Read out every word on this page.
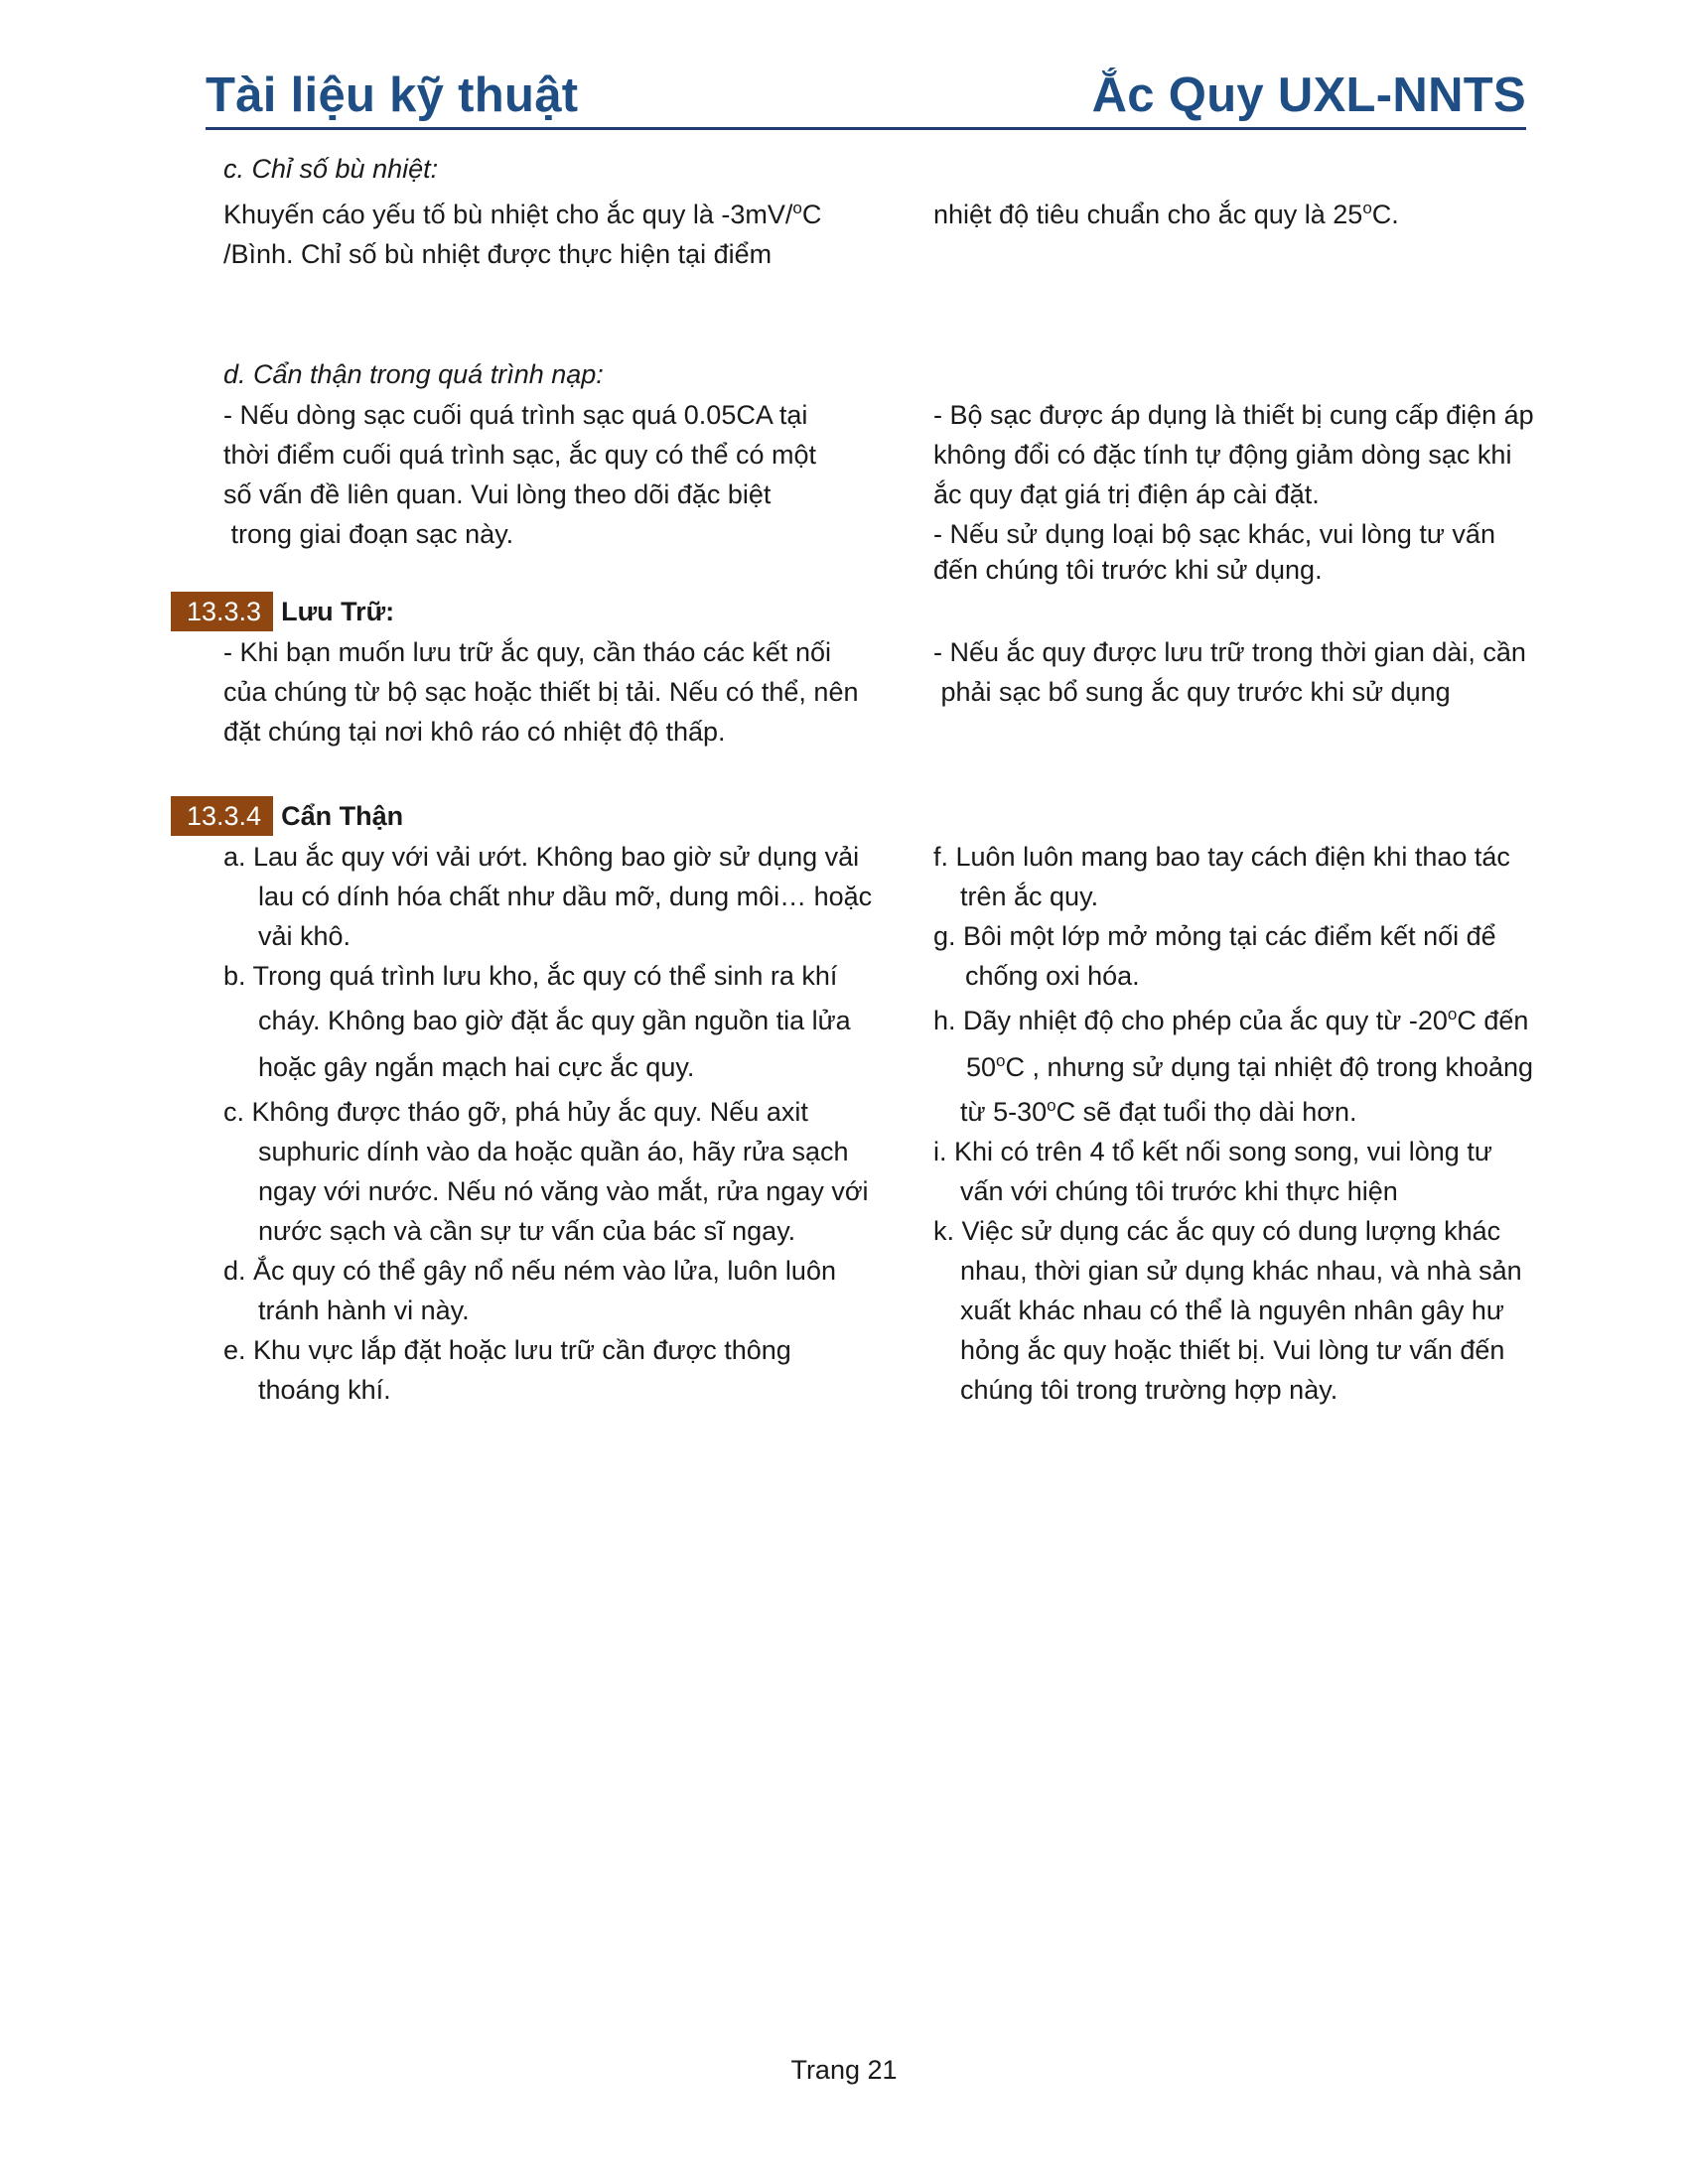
Tài liệu kỹ thuật	Ắc Quy UXL-NNTS
c. Chỉ số bù nhiệt:
Khuyến cáo yếu tố bù nhiệt cho ắc quy là -3mV/$^o$C
/Bình. Chỉ số bù nhiệt được thực hiện tại điểm
nhiệt độ tiêu chuẩn cho ắc quy là 25$^o$C.
d. Cẩn thận trong quá trình nạp:
- Nếu dòng sạc cuối quá trình sạc quá 0.05CA tại
thời điểm cuối quá trình sạc, ắc quy có thể có một
số vấn đề liên quan. Vui lòng theo dõi đặc biệt
trong giai đoạn sạc này.
- Bộ sạc được áp dụng là thiết bị cung cấp điện áp
không đổi có đặc tính tự động giảm dòng sạc khi
ắc quy đạt giá trị điện áp cài đặt.
- Nếu sử dụng loại bộ sạc khác, vui lòng tư vấn
đến chúng tôi trước khi sử dụng.
13.3.3 Lưu Trữ:
- Khi bạn muốn lưu trữ ắc quy, cần tháo các kết nối
của chúng từ bộ sạc hoặc thiết bị tải. Nếu có thể, nên
đặt chúng tại nơi khô ráo có nhiệt độ thấp.
- Nếu ắc quy được lưu trữ trong thời gian dài, cần
phải sạc bổ sung ắc quy trước khi sử dụng
13.3.4 Cẩn Thận
a. Lau ắc quy với vải ướt. Không bao giờ sử dụng vải
lau có dính hóa chất như dầu mỡ, dung môi… hoặc
vải khô.
b. Trong quá trình lưu kho, ắc quy có thể sinh ra khí
cháy. Không bao giờ đặt ắc quy gần nguồn tia lửa
hoặc gây ngắn mạch hai cực ắc quy.
c. Không được tháo gỡ, phá hủy ắc quy. Nếu axit
suphuric dính vào da hoặc quần áo, hãy rửa sạch
ngay với nước. Nếu nó văng vào mắt, rửa ngay với
nước sạch và cần sự tư vấn của bác sĩ ngay.
d. Ắc quy có thể gây nổ nếu ném vào lửa, luôn luôn
tránh hành vi này.
e. Khu vực lắp đặt hoặc lưu trữ cần được thông
thoáng khí.
f. Luôn luôn mang bao tay cách điện khi thao tác
trên ắc quy.
g. Bôi một lớp mở mỏng tại các điểm kết nối để
chống oxi hóa.
h. Dãy nhiệt độ cho phép của ắc quy từ -20$^o$C đến
50$^o$C , nhưng sử dụng tại nhiệt độ trong khoảng
từ 5-30$^o$C sẽ đạt tuổi thọ dài hơn.
i. Khi có trên 4 tổ kết nối song song, vui lòng tư
vấn với chúng tôi trước khi thực hiện
k. Việc sử dụng các ắc quy có dung lượng khác
nhau, thời gian sử dụng khác nhau, và nhà sản
xuất khác nhau có thể là nguyên nhân gây hư
hỏng ắc quy hoặc thiết bị. Vui lòng tư vấn đến
chúng tôi trong trường hợp này.
Trang 21
